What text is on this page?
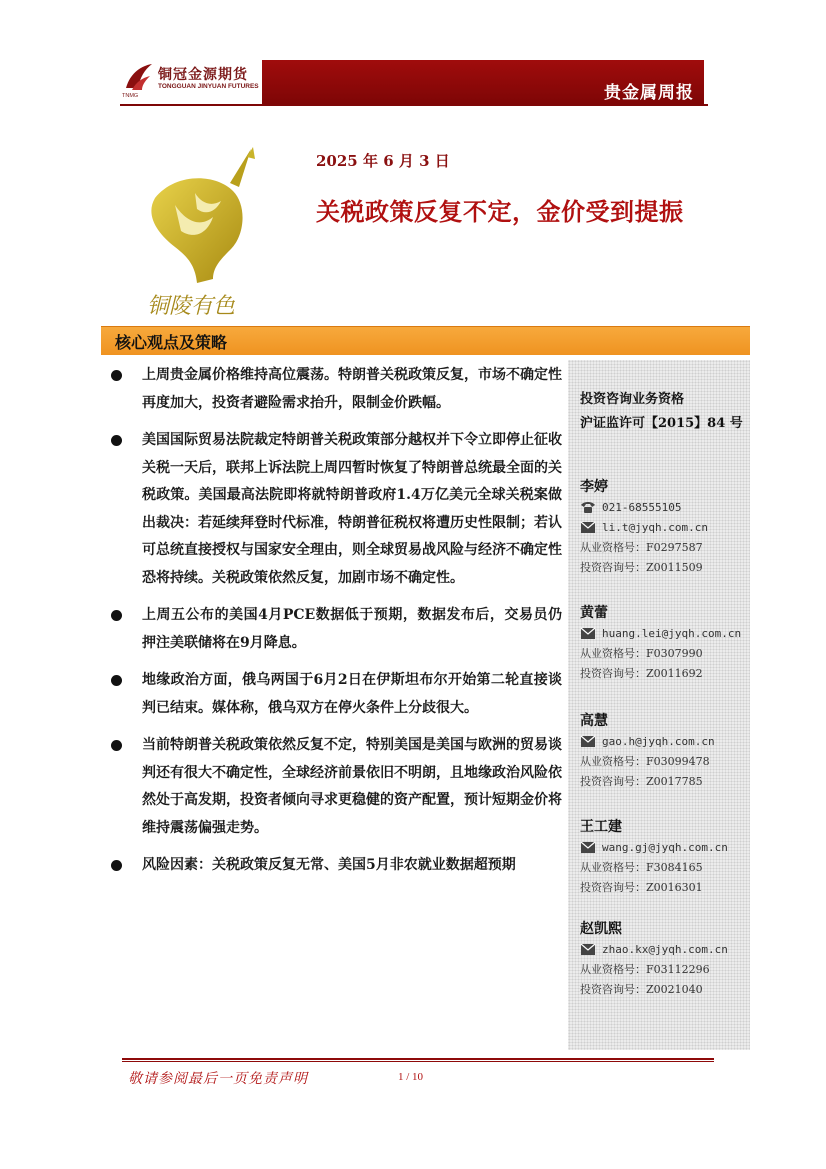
铜冠金源期货
TONGGUAN JINYUAN FUTURES
TNMG	贵金属周报
铜陵有色
2025 年 6 月 3 日
关税政策反复不定，金价受到提振
核心观点及策略
上周贵金属价格维持高位震荡。特朗普关税政策反复，市场不确定性再度加大，投资者避险需求抬升，限制金价跌幅。
美国国际贸易法院裁定特朗普关税政策部分越权并下令立即停止征收关税一天后，联邦上诉法院上周四暂时恢复了特朗普总统最全面的关税政策。美国最高法院即将就特朗普政府1.4万亿美元全球关税案做出裁决：若延续拜登时代标准，特朗普征税权将遭历史性限制；若认可总统直接授权与国家安全理由，则全球贸易战风险与经济不确定性恐将持续。关税政策依然反复，加剧市场不确定性。
上周五公布的美国4月PCE数据低于预期，数据发布后，交易员仍押注美联储将在9月降息。
地缘政治方面，俄乌两国于6月2日在伊斯坦布尔开始第二轮直接谈判已结束。媒体称，俄乌双方在停火条件上分歧很大。
当前特朗普关税政策依然反复不定，特别美国是美国与欧洲的贸易谈判还有很大不确定性，全球经济前景依旧不明朗，且地缘政治风险依然处于高发期，投资者倾向寻求更稳健的资产配置，预计短期金价将维持震荡偏强走势。
风险因素：关税政策反复无常、美国5月非农就业数据超预期
投资咨询业务资格
沪证监许可【2015】84 号
李婷
021-68555105
li.t@jyqh.com.cn
从业资格号：F0297587
投资咨询号：Z0011509
黄蕾
huang.lei@jyqh.com.cn
从业资格号：F0307990
投资咨询号：Z0011692
高慧
gao.h@jyqh.com.cn
从业资格号：F03099478
投资咨询号：Z0017785
王工建
wang.gj@jyqh.com.cn
从业资格号：F3084165
投资咨询号：Z0016301
赵凯熙
zhao.kx@jyqh.com.cn
从业资格号：F03112296
投资咨询号：Z0021040
敬请参阅最后一页免责声明	1 / 10
